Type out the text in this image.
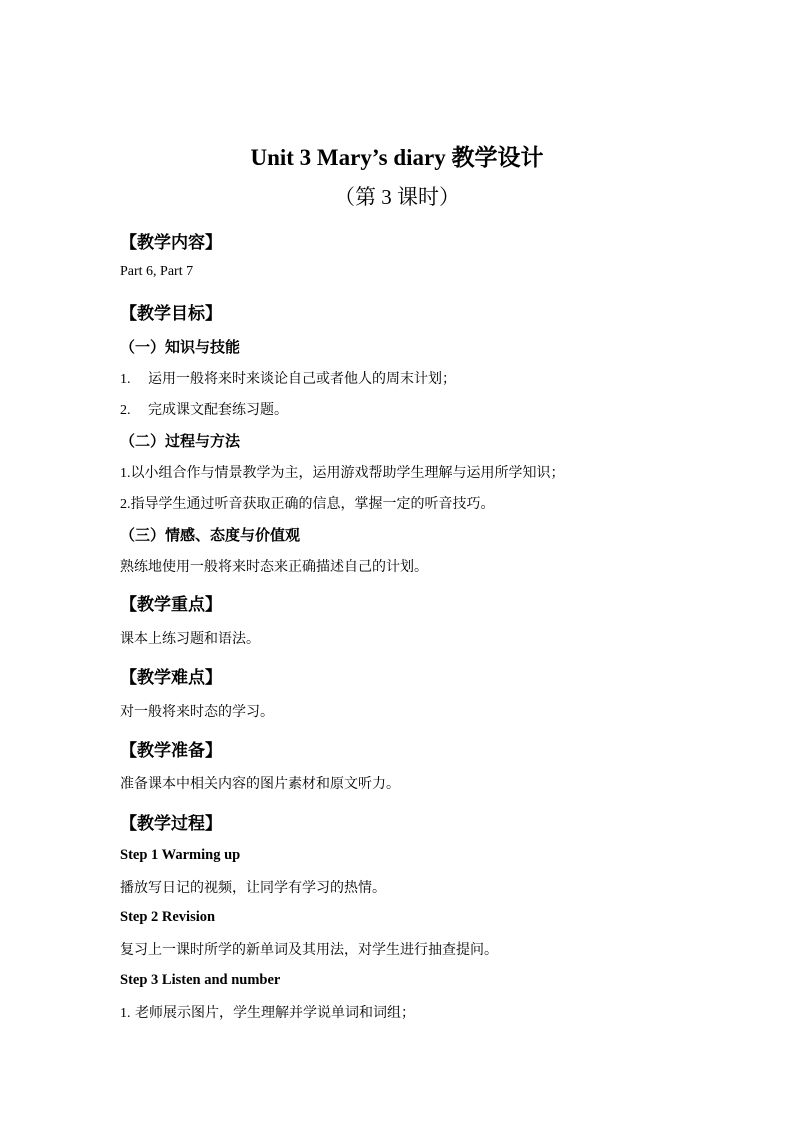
Unit 3 Mary’s diary 教学设计
（第 3 课时）
【教学内容】
Part 6, Part 7
【教学目标】
（一）知识与技能
1. 运用一般将来时来谈论自己或者他人的周末计划；
2. 完成课文配套练习题。
（二）过程与方法
1.以小组合作与情景教学为主，运用游戏帮助学生理解与运用所学知识；
2.指导学生通过听音获取正确的信息，掌握一定的听音技巧。
（三）情感、态度与价值观
熟练地使用一般将来时态来正确描述自己的计划。
【教学重点】
课本上练习题和语法。
【教学难点】
对一般将来时态的学习。
【教学准备】
准备课本中相关内容的图片素材和原文听力。
【教学过程】
Step 1 Warming up
播放写日记的视频，让同学有学习的热情。
Step 2 Revision
复习上一课时所学的新单词及其用法，对学生进行抽查提问。
Step 3 Listen and number
1. 老师展示图片，学生理解并学说单词和词组；
